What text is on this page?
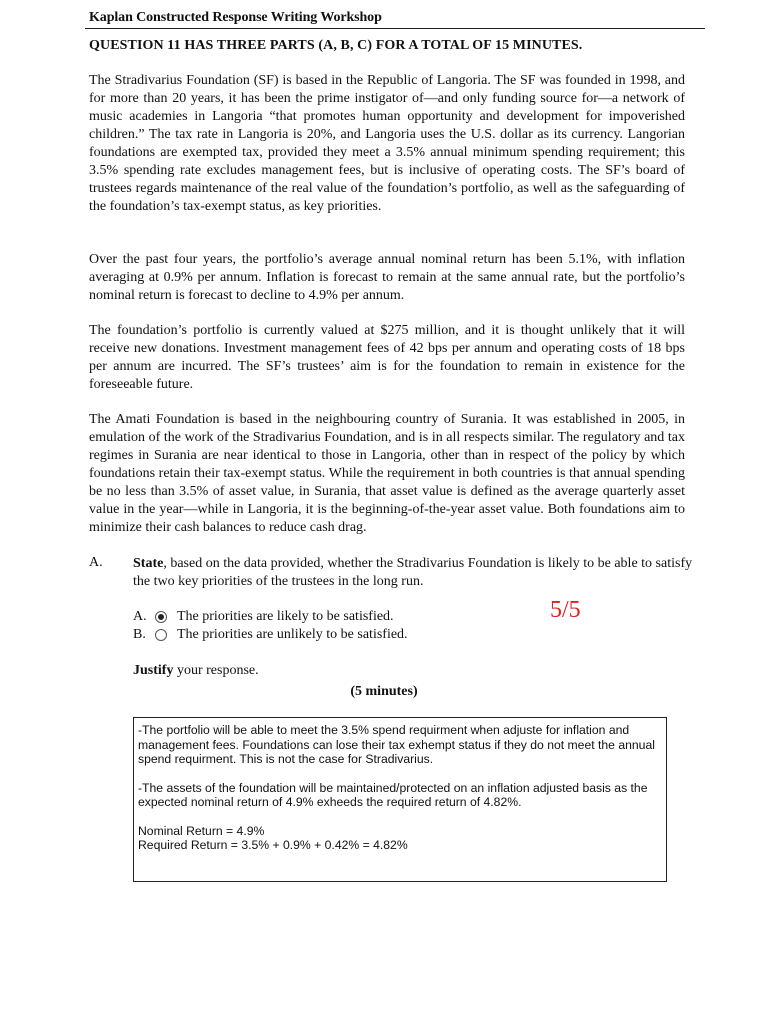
Kaplan Constructed Response Writing Workshop
QUESTION 11 HAS THREE PARTS (A, B, C) FOR A TOTAL OF 15 MINUTES.

The Stradivarius Foundation (SF) is based in the Republic of Langoria. The SF was founded in 1998, and for more than 20 years, it has been the prime instigator of—and only funding source for—a network of music academies in Langoria “that promotes human opportunity and development for impoverished children.” The tax rate in Langoria is 20%, and Langoria uses the U.S. dollar as its currency. Langorian foundations are exempted tax, provided they meet a 3.5% annual minimum spending requirement; this 3.5% spending rate excludes management fees, but is inclusive of operating costs. The SF’s board of trustees regards maintenance of the real value of the foundation’s portfolio, as well as the safeguarding of the foundation’s tax-exempt status, as key priorities.

Over the past four years, the portfolio’s average annual nominal return has been 5.1%, with inflation averaging at 0.9% per annum. Inflation is forecast to remain at the same annual rate, but the portfolio’s nominal return is forecast to decline to 4.9% per annum.

The foundation’s portfolio is currently valued at $275 million, and it is thought unlikely that it will receive new donations. Investment management fees of 42 bps per annum and operating costs of 18 bps per annum are incurred. The SF’s trustees’ aim is for the foundation to remain in existence for the foreseeable future.

The Amati Foundation is based in the neighbouring country of Surania. It was established in 2005, in emulation of the work of the Stradivarius Foundation, and is in all respects similar. The regulatory and tax regimes in Surania are near identical to those in Langoria, other than in respect of the policy by which foundations retain their tax-exempt status. While the requirement in both countries is that annual spending be no less than 3.5% of asset value, in Surania, that asset value is defined as the average quarterly asset value in the year—while in Langoria, it is the beginning-of-the-year asset value. Both foundations aim to minimize their cash balances to reduce cash drag.

A. State, based on the data provided, whether the Stradivarius Foundation is likely to be able to satisfy the two key priorities of the trustees in the long run.
A.	The priorities are likely to be satisfied.
B.	The priorities are unlikely to be satisfied.
5/5
Justify your response.
(5 minutes)

-The portfolio will be able to meet the 3.5% spend requirment when adjuste for inflation and management fees. Foundations can lose their tax exhempt status if they do not meet the annual spend requirment. This is not the case for Stradivarius.

-The assets of the foundation will be maintained/protected on an inflation adjusted basis as the expected nominal return of 4.9% exheeds the required return of 4.82%.

Nominal Return = 4.9%

Required Return = 3.5% + 0.9% + 0.42% = 4.82%
